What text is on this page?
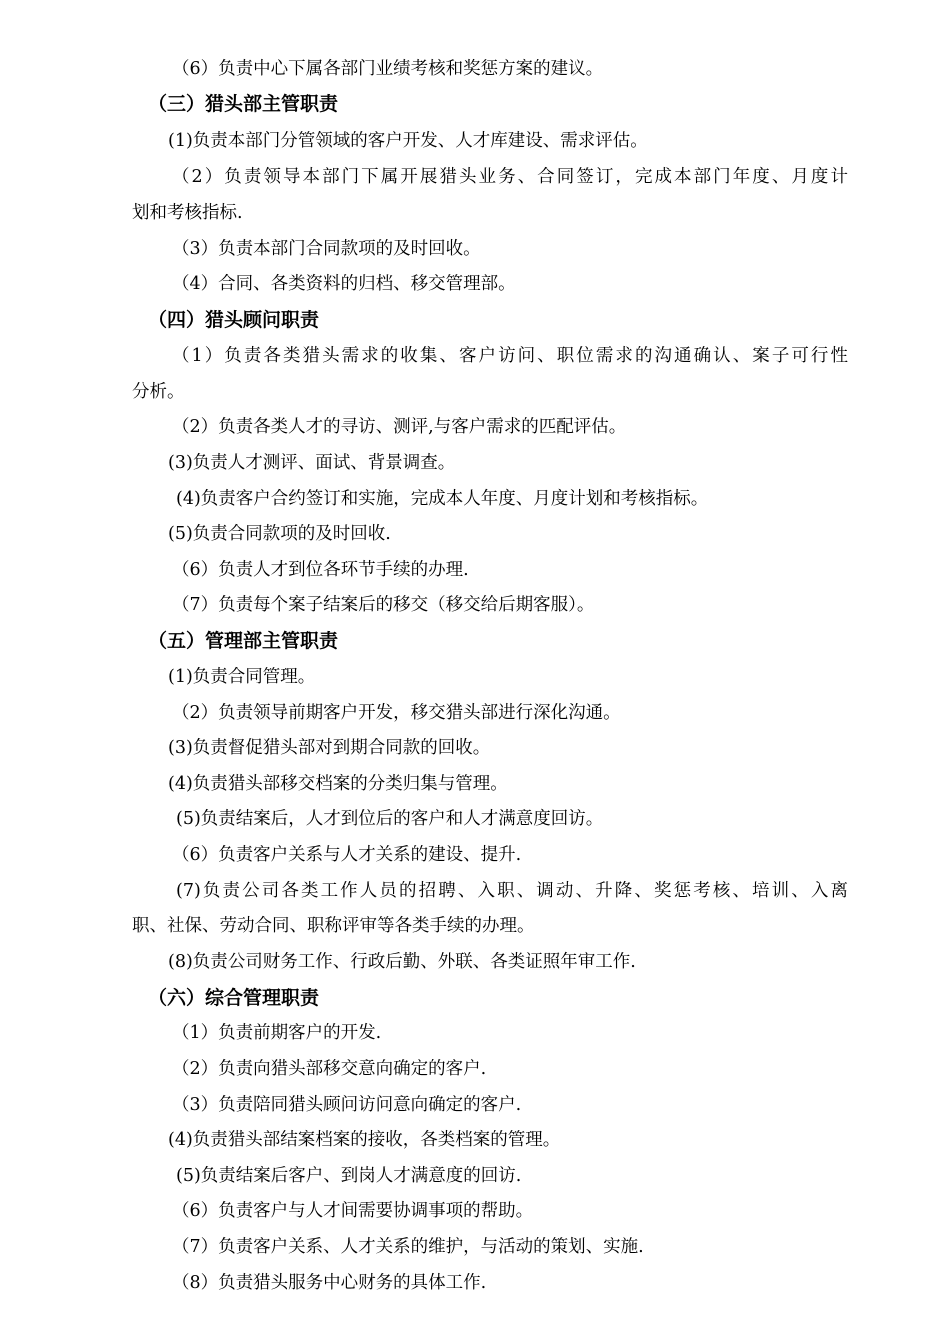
（6）负责中心下属各部门业绩考核和奖惩方案的建议。
（三）猎头部主管职责
(1)负责本部门分管领域的客户开发、人才库建设、需求评估。
（2）负责领导本部门下属开展猎头业务、合同签订，完成本部门年度、月度计
划和考核指标.
（3）负责本部门合同款项的及时回收。
（4）合同、各类资料的归档、移交管理部。
（四）猎头顾问职责
（1）负责各类猎头需求的收集、客户访问、职位需求的沟通确认、案子可行性
分析。
（2）负责各类人才的寻访、测评,与客户需求的匹配评估。
(3)负责人才测评、面试、背景调查。
(4)负责客户合约签订和实施，完成本人年度、月度计划和考核指标。
(5)负责合同款项的及时回收.
（6）负责人才到位各环节手续的办理.
（7）负责每个案子结案后的移交（移交给后期客服）。
（五）管理部主管职责
(1)负责合同管理。
（2）负责领导前期客户开发，移交猎头部进行深化沟通。
(3)负责督促猎头部对到期合同款的回收。
(4)负责猎头部移交档案的分类归集与管理。
(5)负责结案后，人才到位后的客户和人才满意度回访。
（6）负责客户关系与人才关系的建设、提升.
(7)负责公司各类工作人员的招聘、入职、调动、升降、奖惩考核、培训、入离
职、社保、劳动合同、职称评审等各类手续的办理。
(8)负责公司财务工作、行政后勤、外联、各类证照年审工作.
（六）综合管理职责
（1）负责前期客户的开发.
（2）负责向猎头部移交意向确定的客户.
（3）负责陪同猎头顾问访问意向确定的客户.
(4)负责猎头部结案档案的接收，各类档案的管理。
(5)负责结案后客户、到岗人才满意度的回访.
（6）负责客户与人才间需要协调事项的帮助。
（7）负责客户关系、人才关系的维护，与活动的策划、实施.
（8）负责猎头服务中心财务的具体工作.
